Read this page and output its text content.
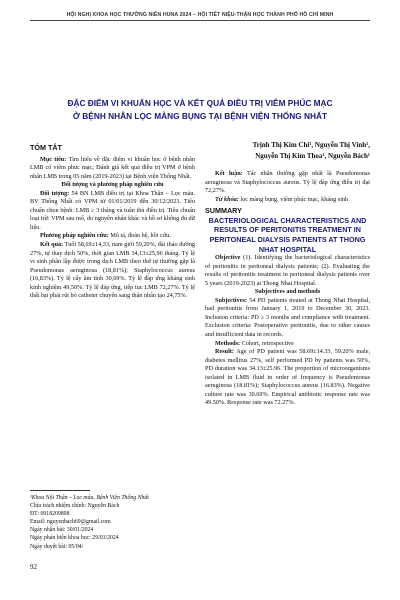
HỘI NGHỊ KHOA HỌC THƯỜNG NIÊN HUNA 2024 – HỘI TIẾT NIỆU-THẬN HỌC THÀNH PHỐ HỒ CHÍ MINH
ĐẶC ĐIỂM VI KHUẨN HỌC VÀ KẾT QUẢ ĐIỀU TRỊ VIÊM PHÚC MẠC
Ở BỆNH NHÂN LỌC MÀNG BỤNG TẠI BỆNH VIỆN THỐNG NHẤT
Trịnh Thị Kim Chi¹, Nguyễn Thị Vinh¹,
Nguyễn Thị Kim Thoa¹, Nguyễn Bách¹

TÓM TẮT

Mục tiêu: Tìm hiểu về đặc điểm vi khuẩn học ở bệnh nhân LMB có viêm phúc mạc; Đánh giá kết quả điều trị VPM ở bệnh nhân LMB trong 05 năm (2019-2023) tại Bệnh viện Thống Nhất.

Đối tượng và phương pháp nghiên cứu

Đối tượng: 54 BN LMB điều trị tại Khoa Thận – Lọc máu. BV Thống Nhất có VPM từ 01/01/2019 đến 30/12/2023. Tiêu chuẩn chọn bệnh: LMB ≥ 3 tháng và tuân thủ điều trị. Tiêu chuẩn loại trừ: VPM sau mổ, do nguyên nhân khác và hồ sơ không đủ dữ liệu.

Phương pháp nghiên cứu: Mô tả, đoàn hệ, hồi cứu.

Kết quả: Tuổi 58,69±14,33, nam giới 59,20%, đái tháo đường 27%, tự thay dịch 50%, thời gian LMB 34,13±25,96 tháng. Tỷ lệ vi sinh phân lập được trong dịch LMB theo thứ tự thường gặp là Pseudomonas aeruginosa (18,81%); Staphylococcus aureus (16,83%). Tỷ lệ cấy âm tính 30,69%. Tỷ lệ đáp ứng kháng sinh kinh nghiệm 49,50%. Tỷ lệ đáp ứng, tiếp tục LMB 72,27%. Tỷ lệ thất bại phải rút bỏ catheter chuyển sang thận nhân tạo 24,75%.

Kết luận: Tác nhân thường gặp nhất là Pseudomonas aeruginosa và Staphylococcus aureus. Tỷ lệ đáp ứng điều trị đạt 72,27%.

Từ khóa: lọc màng bụng, viêm phúc mạc, kháng sinh

SUMMARY

BACTERIOLOGICAL CHARACTERISTICS AND RESULTS OF PERITONITIS TREATMENT IN PERITONEAL DIALYSIS PATIENTS AT THONG NHAT HOSPITAL

Objective (1). Identifying the bacteriological characteristics of peritonitis in peritoneal dialysis patients; (2). Evaluating the results of peritonitis treatment in peritoneal dialysis patients over 5 years (2019-2023) at Thong Nhat Hospital.

Subjectives and methods

Subjectives: 54 PD patients treated at Thong Nhat Hospital, had peritonitis from January 1, 2019 to December 30, 2023. Inclusion criteria: PD ≥ 3 months and compliance with treatment. Exclusion criteria: Postoperative peritonitis, due to other causes and insufficient data in records.

Methods: Cohort, retrospective

Result: Age of PD patient was 58.69±14.33, 59.20% male, diabetes mellitus 27%, self performed PD by patients was 50%, PD duration was 34.13±25.96. The proportion of microorganisms isolated in LMB fluid in order of frequency is Pseudomonas aeruginosa (18.81%); Staphylococcus aureus (16.83%). Negative culture rate was 30.69%. Empirical antibiotic response rate was 49.50%. Response rate was 72.27%.

¹Khoa Nội Thận – Lọc máu, Bệnh Viện Thống Nhất
Chịu trách nhiệm chính: Nguyễn Bách
ĐT: 0918209808
Email: nguyenbach69@gmail.com
Ngày nhận bài: 30/01/2024
Ngày phản biện khoa học: 29/03/2024
Ngày duyệt bài: 05/04/
92
